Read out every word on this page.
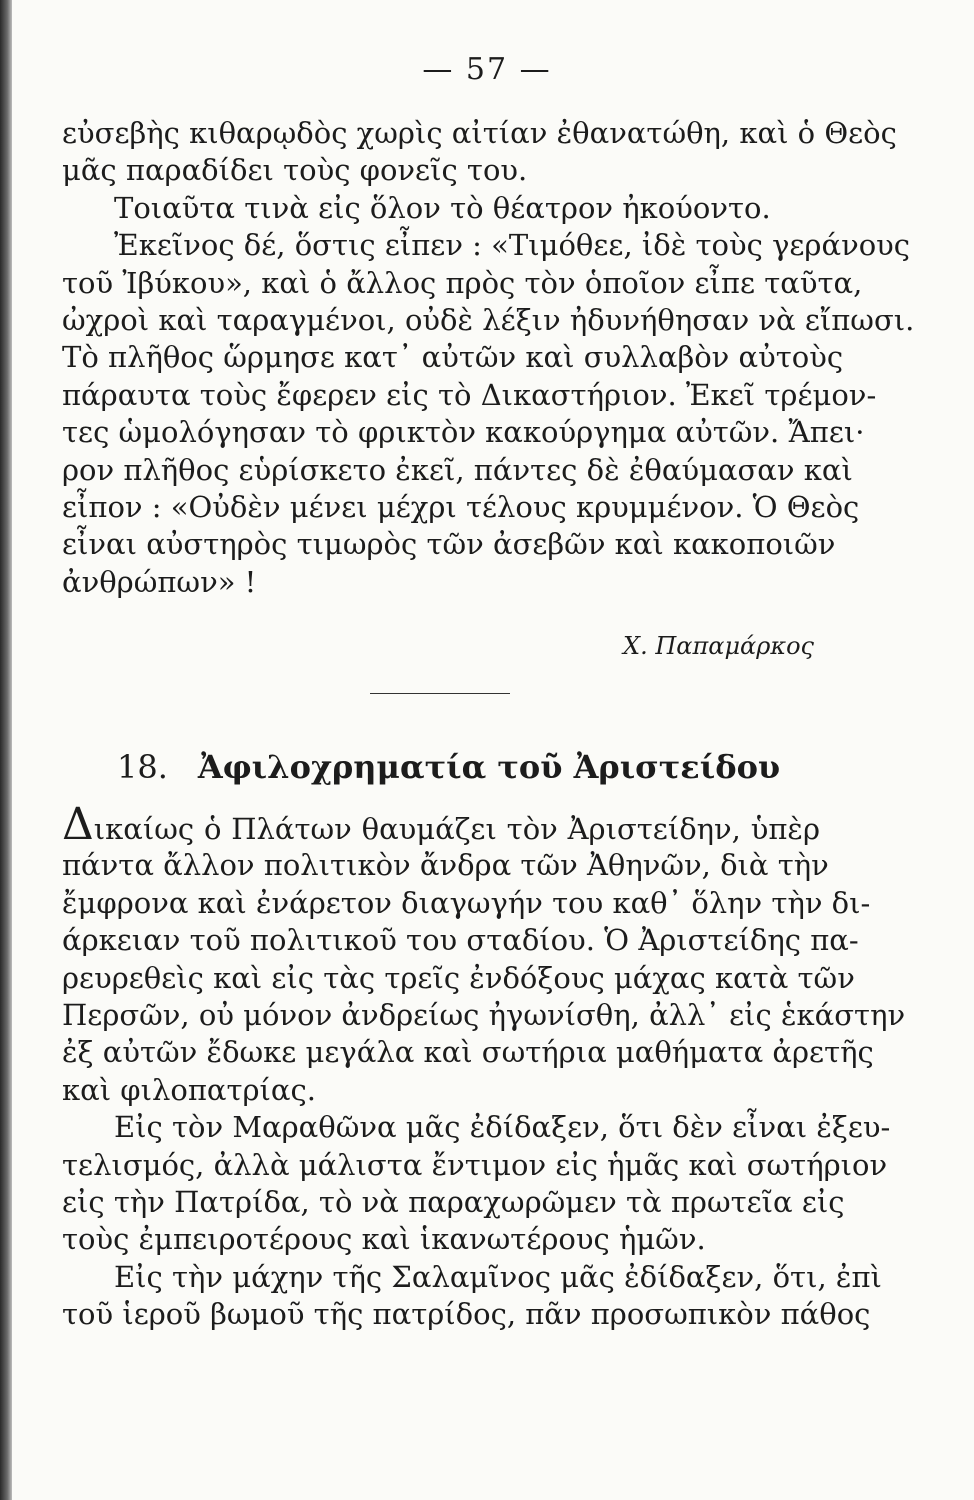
— 57 —
εὐσεβὴς κιθαρῳδὸς χωρὶς αἰτίαν ἐθανατώθη, καὶ ὁ Θεὸς
μᾶς παραδίδει τοὺς φονεῖς του.
Τοιαῦτα τινὰ εἰς ὅλον τὸ θέατρον ἠκούοντο.
Ἐκεῖνος δέ, ὅστις εἶπεν : «Τιμόθεε, ἰδὲ τοὺς γεράνους
τοῦ Ἰβύκου», καὶ ὁ ἄλλος πρὸς τὸν ὁποῖον εἶπε ταῦτα,
ὠχροὶ καὶ ταραγμένοι, οὐδὲ λέξιν ἠδυνήθησαν νὰ εἴπωσι.
Τὸ πλῆθος ὥρμησε κατ᾿ αὐτῶν καὶ συλλαβὸν αὐτοὺς
πάραυτα τοὺς ἔφερεν εἰς τὸ Δικαστήριον. Ἐκεῖ τρέμον-
τες ὡμολόγησαν τὸ φρικτὸν κακούργημα αὐτῶν. Ἄπει·
ρον πλῆθος εὑρίσκετο ἐκεῖ, πάντες δὲ ἐθαύμασαν καὶ
εἶπον : «Οὐδὲν μένει μέχρι τέλους κρυμμένον. Ὁ Θεὸς
εἶναι αὐστηρὸς τιμωρὸς τῶν ἀσεβῶν καὶ κακοποιῶν
ἀνθρώπων» !
Χ. Παπαμάρκος
18. Ἀφιλοχρηματία τοῦ Ἀριστείδου
Δικαίως ὁ Πλάτων θαυμάζει τὸν Ἀριστείδην, ὑπὲρ
πάντα ἄλλον πολιτικὸν ἄνδρα τῶν Ἀθηνῶν, διὰ τὴν
ἔμφρονα καὶ ἐνάρετον διαγωγήν του καθ᾿ ὅλην τὴν δι-
άρκειαν τοῦ πολιτικοῦ του σταδίου. Ὁ Ἀριστείδης πα-
ρευρεθεὶς καὶ εἰς τὰς τρεῖς ἐνδόξους μάχας κατὰ τῶν
Περσῶν, οὐ μόνον ἀνδρείως ἠγωνίσθη, ἀλλ᾿ εἰς ἑκάστην
ἐξ αὐτῶν ἔδωκε μεγάλα καὶ σωτήρια μαθήματα ἀρετῆς
καὶ φιλοπατρίας.
Εἰς τὸν Μαραθῶνα μᾶς ἐδίδαξεν, ὅτι δὲν εἶναι ἐξευ-
τελισμός, ἀλλὰ μάλιστα ἔντιμον εἰς ἡμᾶς καὶ σωτήριον
εἰς τὴν Πατρίδα, τὸ νὰ παραχωρῶμεν τὰ πρωτεῖα εἰς
τοὺς ἐμπειροτέρους καὶ ἱκανωτέρους ἡμῶν.
Εἰς τὴν μάχην τῆς Σαλαμῖνος μᾶς ἐδίδαξεν, ὅτι, ἐπὶ
τοῦ ἱεροῦ βωμοῦ τῆς πατρίδος, πᾶν προσωπικὸν πάθος
